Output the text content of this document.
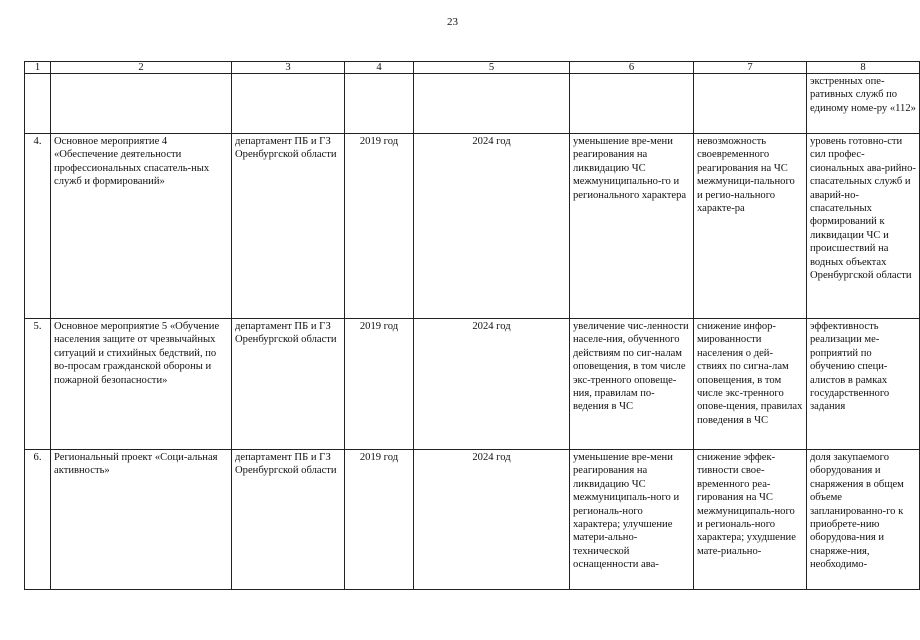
23
1	2	3	4	5	6	7	8

							экстренных опе-ративных служб по единому номе-ру «112»

4.	Основное мероприятие 4 «Обеспечение деятельности профессиональных спасатель-ных служб и формирований»	департамент ПБ и ГЗ Оренбургской области	2019 год	2024 год	уменьшение вре-мени реагирования на ликвидацию ЧС межмуниципально-го и регионального характера	невозможность своевременного реагирования на ЧС межмуници-пального и регио-нального характе-ра	уровень готовно-сти сил профес-сиональных ава-рийно-спасательных служб и аварий-но-спасательных формирований к ликвидации ЧС и происшествий на водных объектах Оренбургской области
5.	Основное мероприятие 5 «Обучение населения защите от чрезвычайных ситуаций и стихийных бедствий, по во-просам гражданской обороны и пожарной безопасности»	департамент ПБ и ГЗ Оренбургской области	2019 год	2024 год	увеличение чис-ленности населе-ния, обученного действиям по сиг-налам оповещения, в том числе экс-тренного оповеще-ния, правилам по-ведения в ЧС	снижение инфор-мированности населения о дей-ствиях по сигна-лам оповещения, в том числе экс-тренного опове-щения, правилах поведения в ЧС	эффективность реализации ме-роприятий по обучению специ-алистов в рамках государственного задания
6.	Региональный проект «Соци-альная активность»	департамент ПБ и ГЗ Оренбургской области	2019 год	2024 год	уменьшение вре-мени реагирования на ликвидацию ЧС межмуниципаль-ного и региональ-ного характера; улучшение матери-ально-технической оснащенности ава-	снижение эффек-тивности свое-временного реа-гирования на ЧС межмуниципаль-ного и региональ-ного характера; ухудшение мате-риально-	доля закупаемого оборудования и снаряжения в общем объеме запланированно-го к приобрете-нию оборудова-ния и снаряже-ния, необходимо-
